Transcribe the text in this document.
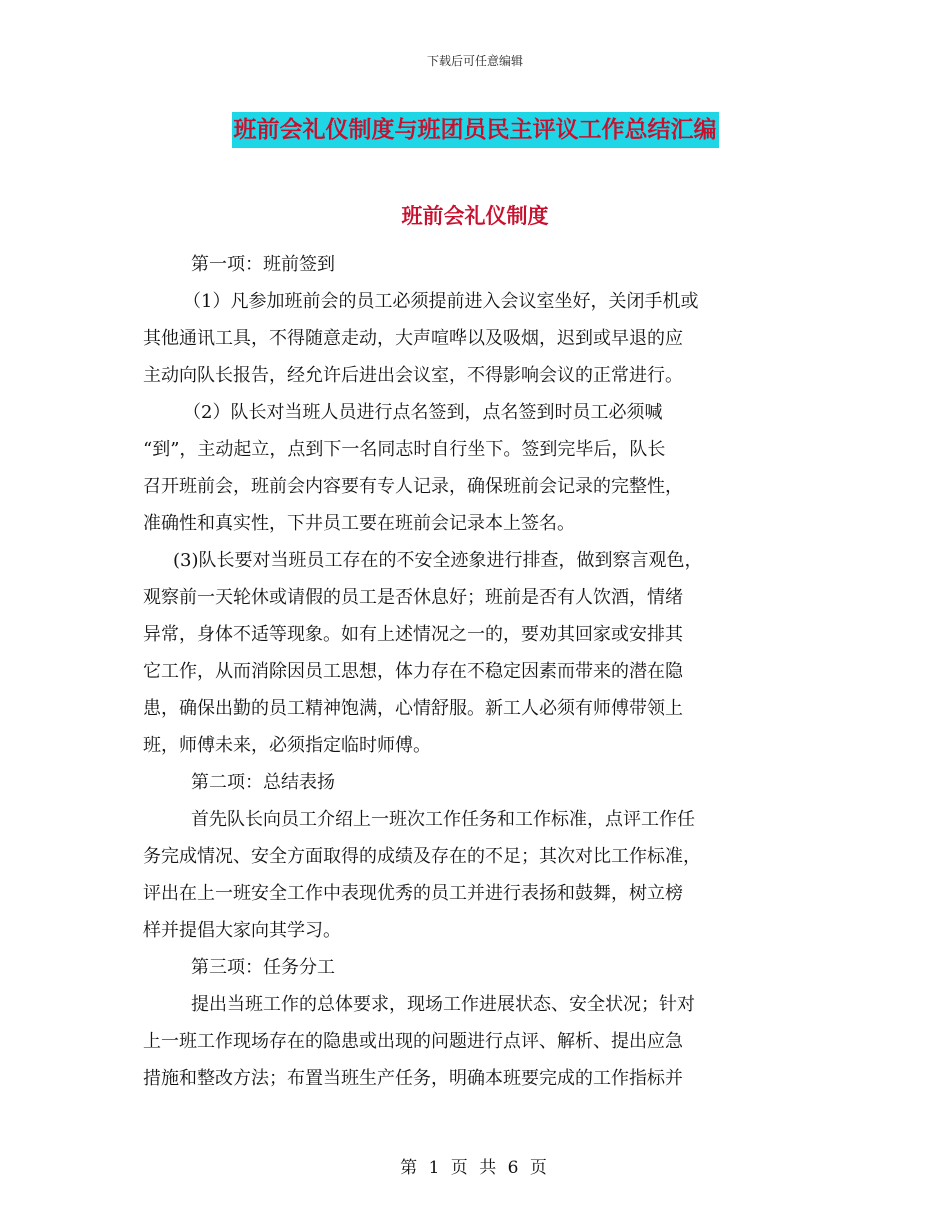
下载后可任意编辑
班前会礼仪制度与班团员民主评议工作总结汇编
班前会礼仪制度
第一项：班前签到
（1）凡参加班前会的员工必须提前进入会议室坐好，关闭手机或
其他通讯工具，不得随意走动，大声喧哗以及吸烟，迟到或早退的应
主动向队长报告，经允许后进出会议室，不得影响会议的正常进行。
（2）队长对当班人员进行点名签到，点名签到时员工必须喊
“到”，主动起立，点到下一名同志时自行坐下。签到完毕后，队长
召开班前会，班前会内容要有专人记录，确保班前会记录的完整性，
准确性和真实性，下井员工要在班前会记录本上签名。
(3)队长要对当班员工存在的不安全迹象进行排查，做到察言观色，
观察前一天轮休或请假的员工是否休息好；班前是否有人饮酒，情绪
异常，身体不适等现象。如有上述情况之一的，要劝其回家或安排其
它工作，从而消除因员工思想，体力存在不稳定因素而带来的潜在隐
患，确保出勤的员工精神饱满，心情舒服。新工人必须有师傅带领上
班，师傅未来，必须指定临时师傅。
第二项：总结表扬
首先队长向员工介绍上一班次工作任务和工作标准，点评工作任
务完成情况、安全方面取得的成绩及存在的不足；其次对比工作标准，
评出在上一班安全工作中表现优秀的员工并进行表扬和鼓舞，树立榜
样并提倡大家向其学习。
第三项：任务分工
提出当班工作的总体要求，现场工作进展状态、安全状况；针对
上一班工作现场存在的隐患或出现的问题进行点评、解析、提出应急
措施和整改方法；布置当班生产任务，明确本班要完成的工作指标并
第 1 页 共 6 页
